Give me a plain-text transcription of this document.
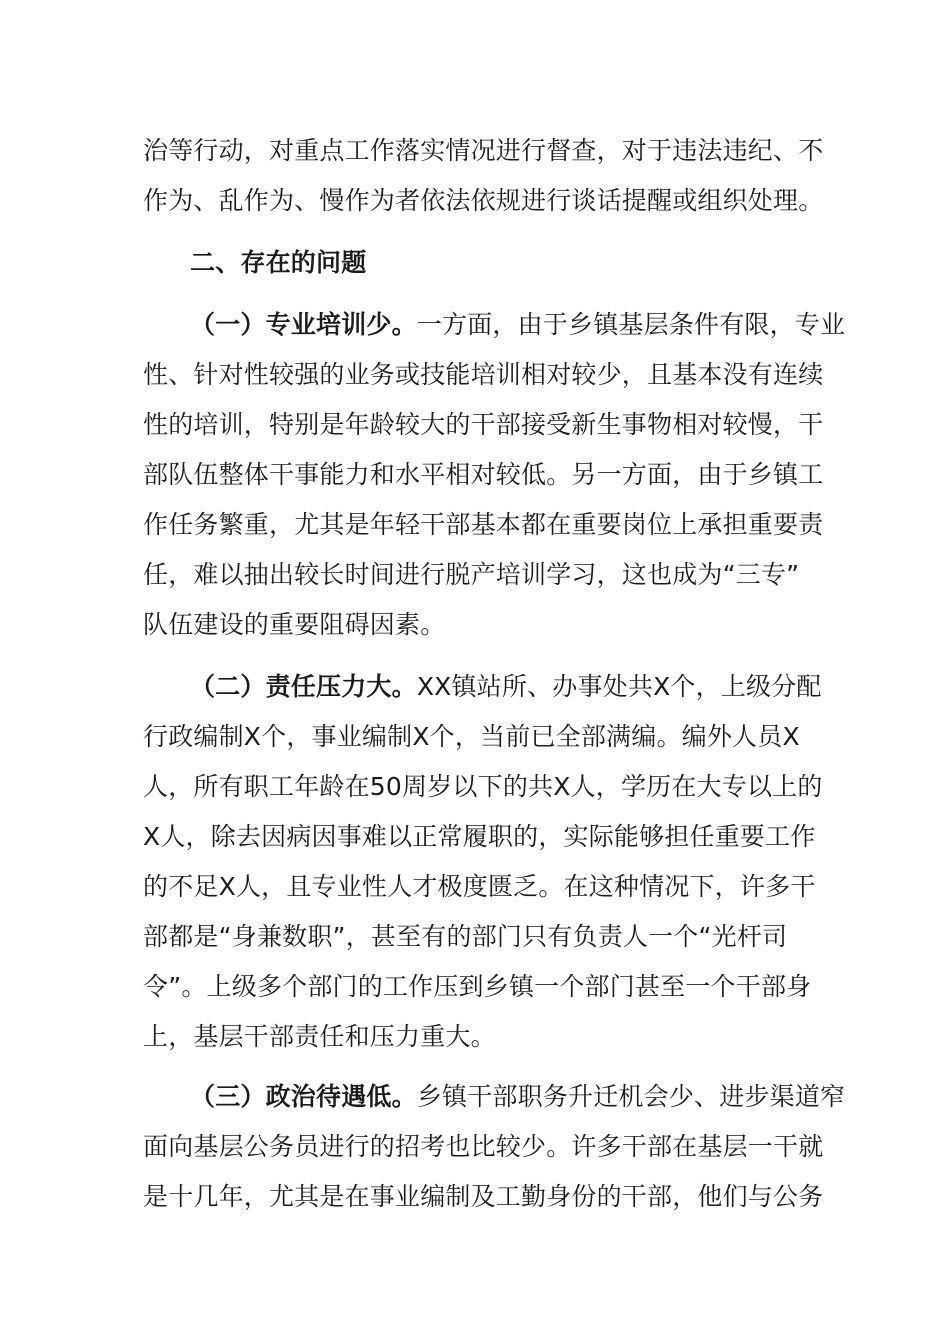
治等行动，对重点工作落实情况进行督查，对于违法违纪、不
作为、乱作为、慢作为者依法依规进行谈话提醒或组织处理。
二、存在的问题
（一）专业培训少。一方面，由于乡镇基层条件有限，专业
性、针对性较强的业务或技能培训相对较少，且基本没有连续
性的培训，特别是年龄较大的干部接受新生事物相对较慢，干
部队伍整体干事能力和水平相对较低。另一方面，由于乡镇工
作任务繁重，尤其是年轻干部基本都在重要岗位上承担重要责
任，难以抽出较长时间进行脱产培训学习，这也成为“三专”
队伍建设的重要阻碍因素。
（二）责任压力大。XX镇站所、办事处共X个，上级分配
行政编制X个，事业编制X个，当前已全部满编。编外人员X
人，所有职工年龄在50周岁以下的共X人，学历在大专以上的
X人，除去因病因事难以正常履职的，实际能够担任重要工作
的不足X人，且专业性人才极度匮乏。在这种情况下，许多干
部都是“身兼数职”，甚至有的部门只有负责人一个“光杆司
令”。上级多个部门的工作压到乡镇一个部门甚至一个干部身
上，基层干部责任和压力重大。
（三）政治待遇低。乡镇干部职务升迁机会少、进步渠道窄
面向基层公务员进行的招考也比较少。许多干部在基层一干就
是十几年，尤其是在事业编制及工勤身份的干部，他们与公务
